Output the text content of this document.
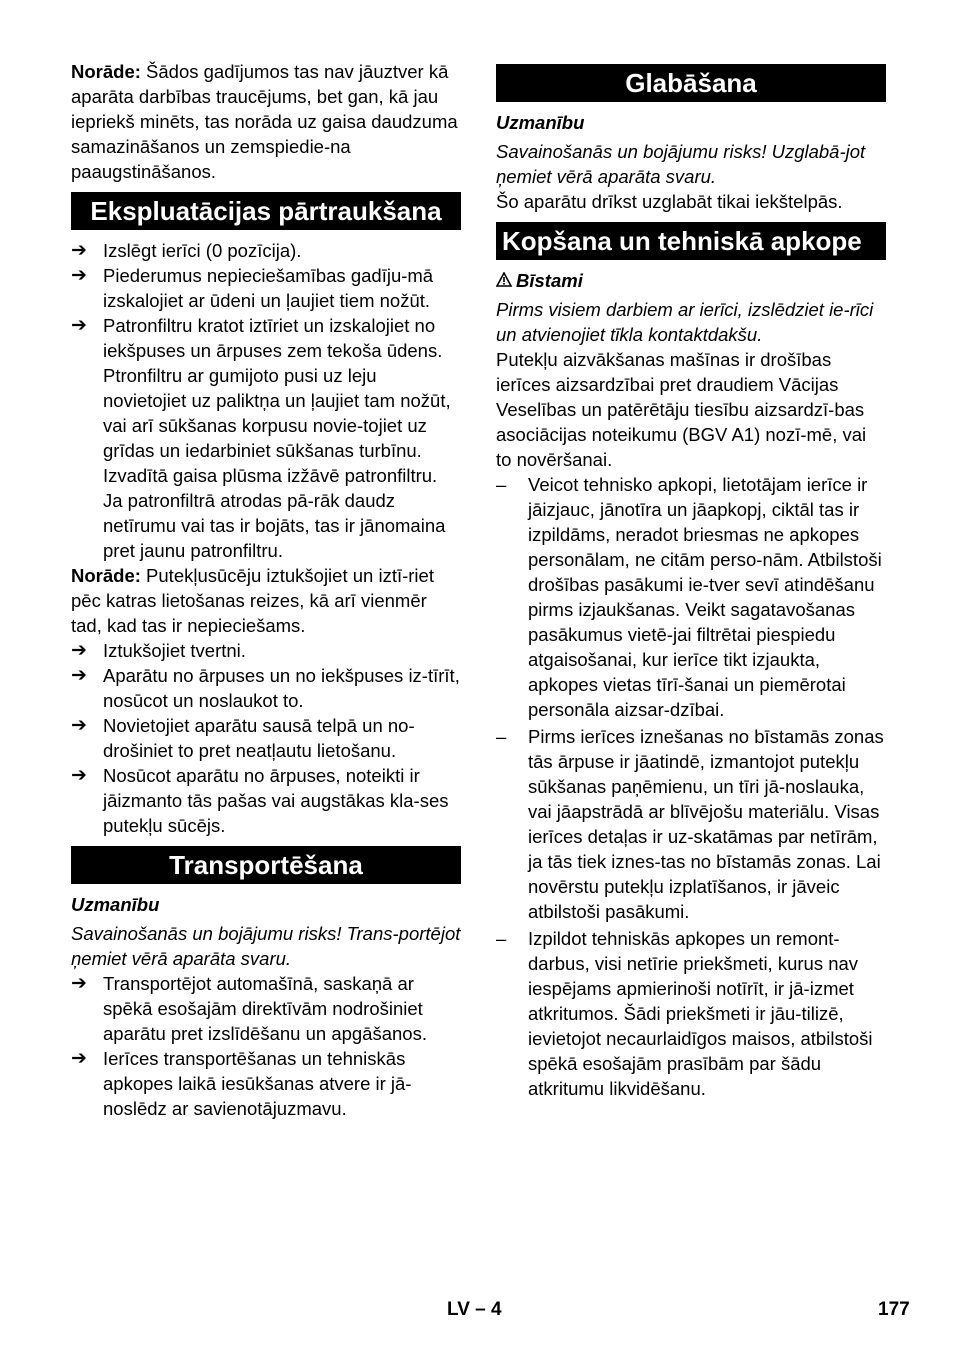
Norāde: Šādos gadījumos tas nav jāuztver kā aparāta darbības traucējums, bet gan, kā jau iepriekš minēts, tas norāda uz gaisa daudzuma samazināšanos un zemspiedie-na paaugstināšanos.

Ekspluatācijas pārtraukšana
➔ Izslēgt ierīci (0 pozīcija).
➔ Piederumus nepieciešamības gadīju-mā izskalojiet ar ūdeni un ļaujiet tiem nožūt.
➔ Patronfiltru kratot iztīriet un izskalojiet no iekšpuses un ārpuses zem tekoša ūdens. Ptronfiltru ar gumijoto pusi uz leju novietojiet uz paliktņa un ļaujiet tam nožūt, vai arī sūkšanas korpusu novie-tojiet uz grīdas un iedarbiniet sūkšanas turbīnu. Izvadītā gaisa plūsma izžāvē patronfiltru. Ja patronfiltrā atrodas pā-rāk daudz netīrumu vai tas ir bojāts, tas ir jānomaina pret jaunu patronfiltru.

Norāde: Putekļusūcēju iztukšojiet un iztī-riet pēc katras lietošanas reizes, kā arī vienmēr tad, kad tas ir nepieciešams.

➔ Iztukšojiet tvertni.
➔ Aparātu no ārpuses un no iekšpuses iz-tīrīt, nosūcot un noslaukot to.
➔ Novietojiet aparātu sausā telpā un no-drošiniet to pret neatļautu lietošanu.
➔ Nosūcot aparātu no ārpuses, noteikti ir jāizmanto tās pašas vai augstākas kla-ses putekļu sūcējs.
Transportēšana

Uzmanību

Savainošanās un bojājumu risks! Trans-portējot ņemiet vērā aparāta svaru.

➔ Transportējot automašīnā, saskaņā ar spēkā esošajām direktīvām nodrošiniet aparātu pret izslīdēšanu un apgāšanos.
➔ Ierīces transportēšanas un tehniskās apkopes laikā iesūkšanas atvere ir jā-noslēdz ar savienotājuzmavu.
Glabāšana

Uzmanību

Savainošanās un bojājumu risks! Uzglabā-jot ņemiet vērā aparāta svaru.

Šo aparātu drīkst uzglabāt tikai iekštelpās.

Kopšana un tehniskā apkope

Bīstami

Pirms visiem darbiem ar ierīci, izslēdziet ie-rīci un atvienojiet tīkla kontaktdakšu.

Putekļu aizvākšanas mašīnas ir drošības ierīces aizsardzībai pret draudiem Vācijas Veselības un patērētāju tiesību aizsardzī-bas asociācijas noteikumu (BGV A1) nozī-mē, vai to novēršanai.

–	Veicot tehnisko apkopi, lietotājam ierīce ir jāizjauc, jānotīra un jāapkopj, ciktāl tas ir izpildāms, neradot briesmas ne apkopes personālam, ne citām perso-nām. Atbilstoši drošības pasākumi ie-tver sevī atindēšanu pirms izjaukšanas. Veikt sagatavošanas pasākumus vietē-jai filtrētai piespiedu atgaisošanai, kur ierīce tikt izjaukta, apkopes vietas tīrī-šanai un piemērotai personāla aizsar-dzībai.
–	Pirms ierīces iznešanas no bīstamās zonas tās ārpuse ir jāatindē, izmantojot putekļu sūkšanas paņēmienu, un tīri jā-noslauka, vai jāapstrādā ar blīvējošu materiālu. Visas ierīces detaļas ir uz-skatāmas par netīrām, ja tās tiek iznes-tas no bīstamās zonas. Lai novērstu putekļu izplatīšanos, ir jāveic atbilstoši pasākumi.
–	Izpildot tehniskās apkopes un remont-darbus, visi netīrie priekšmeti, kurus nav iespējams apmierinoši notīrīt, ir jā-izmet atkritumos. Šādi priekšmeti ir jāu-tilizē, ievietojot necaurlaidīgos maisos, atbilstoši spēkā esošajām prasībām par šādu atkritumu likvidēšanu.
LV – 4	177
